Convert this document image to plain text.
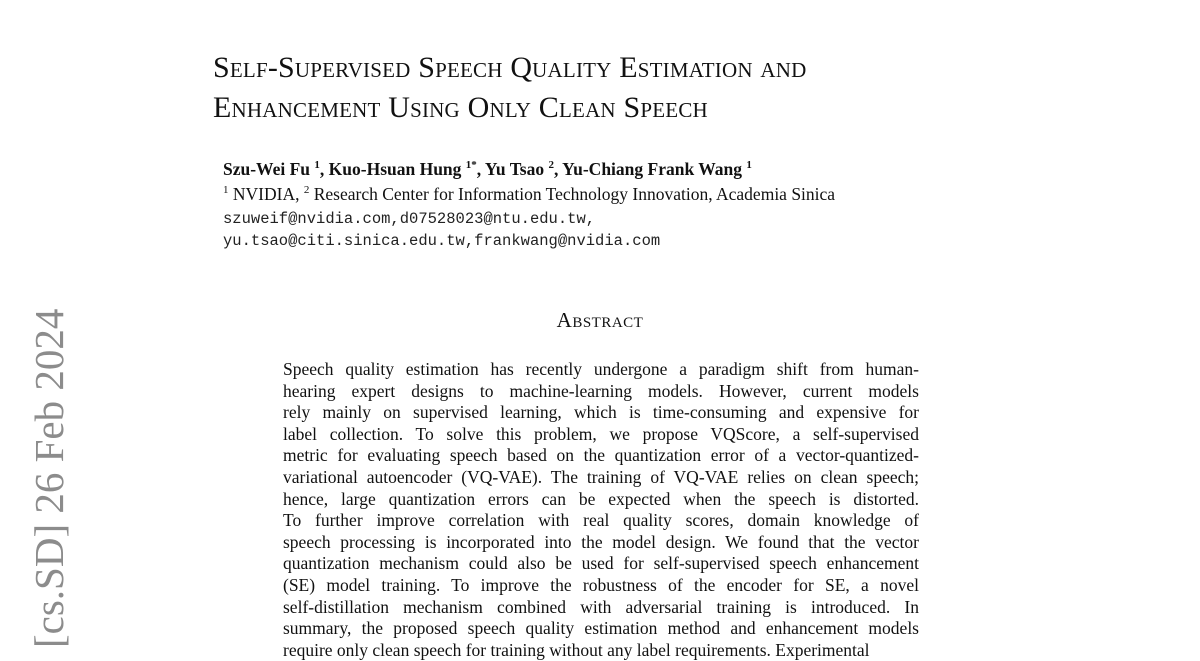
Self-Supervised Speech Quality Estimation and
Enhancement Using Only Clean Speech
Szu-Wei Fu $^1$, Kuo-Hsuan Hung $^{1*}$, Yu Tsao $^2$, Yu-Chiang Frank Wang $^1$
$^1$ NVIDIA, $^2$ Research Center for Information Technology Innovation, Academia Sinica
szuweif@nvidia.com,d07528023@ntu.edu.tw,
yu.tsao@citi.sinica.edu.tw,frankwang@nvidia.com
Abstract
Speech quality estimation has recently undergone a paradigm shift from human-
hearing expert designs to machine-learning models. However, current models
rely mainly on supervised learning, which is time-consuming and expensive for
label collection. To solve this problem, we propose VQScore, a self-supervised
metric for evaluating speech based on the quantization error of a vector-quantized-
variational autoencoder (VQ-VAE). The training of VQ-VAE relies on clean speech;
hence, large quantization errors can be expected when the speech is distorted.
To further improve correlation with real quality scores, domain knowledge of
speech processing is incorporated into the model design. We found that the vector
quantization mechanism could also be used for self-supervised speech enhancement
(SE) model training. To improve the robustness of the encoder for SE, a novel
self-distillation mechanism combined with adversarial training is introduced. In
summary, the proposed speech quality estimation method and enhancement models
require only clean speech for training without any label requirements. Experimental
[cs.SD] 26 Feb 2024
